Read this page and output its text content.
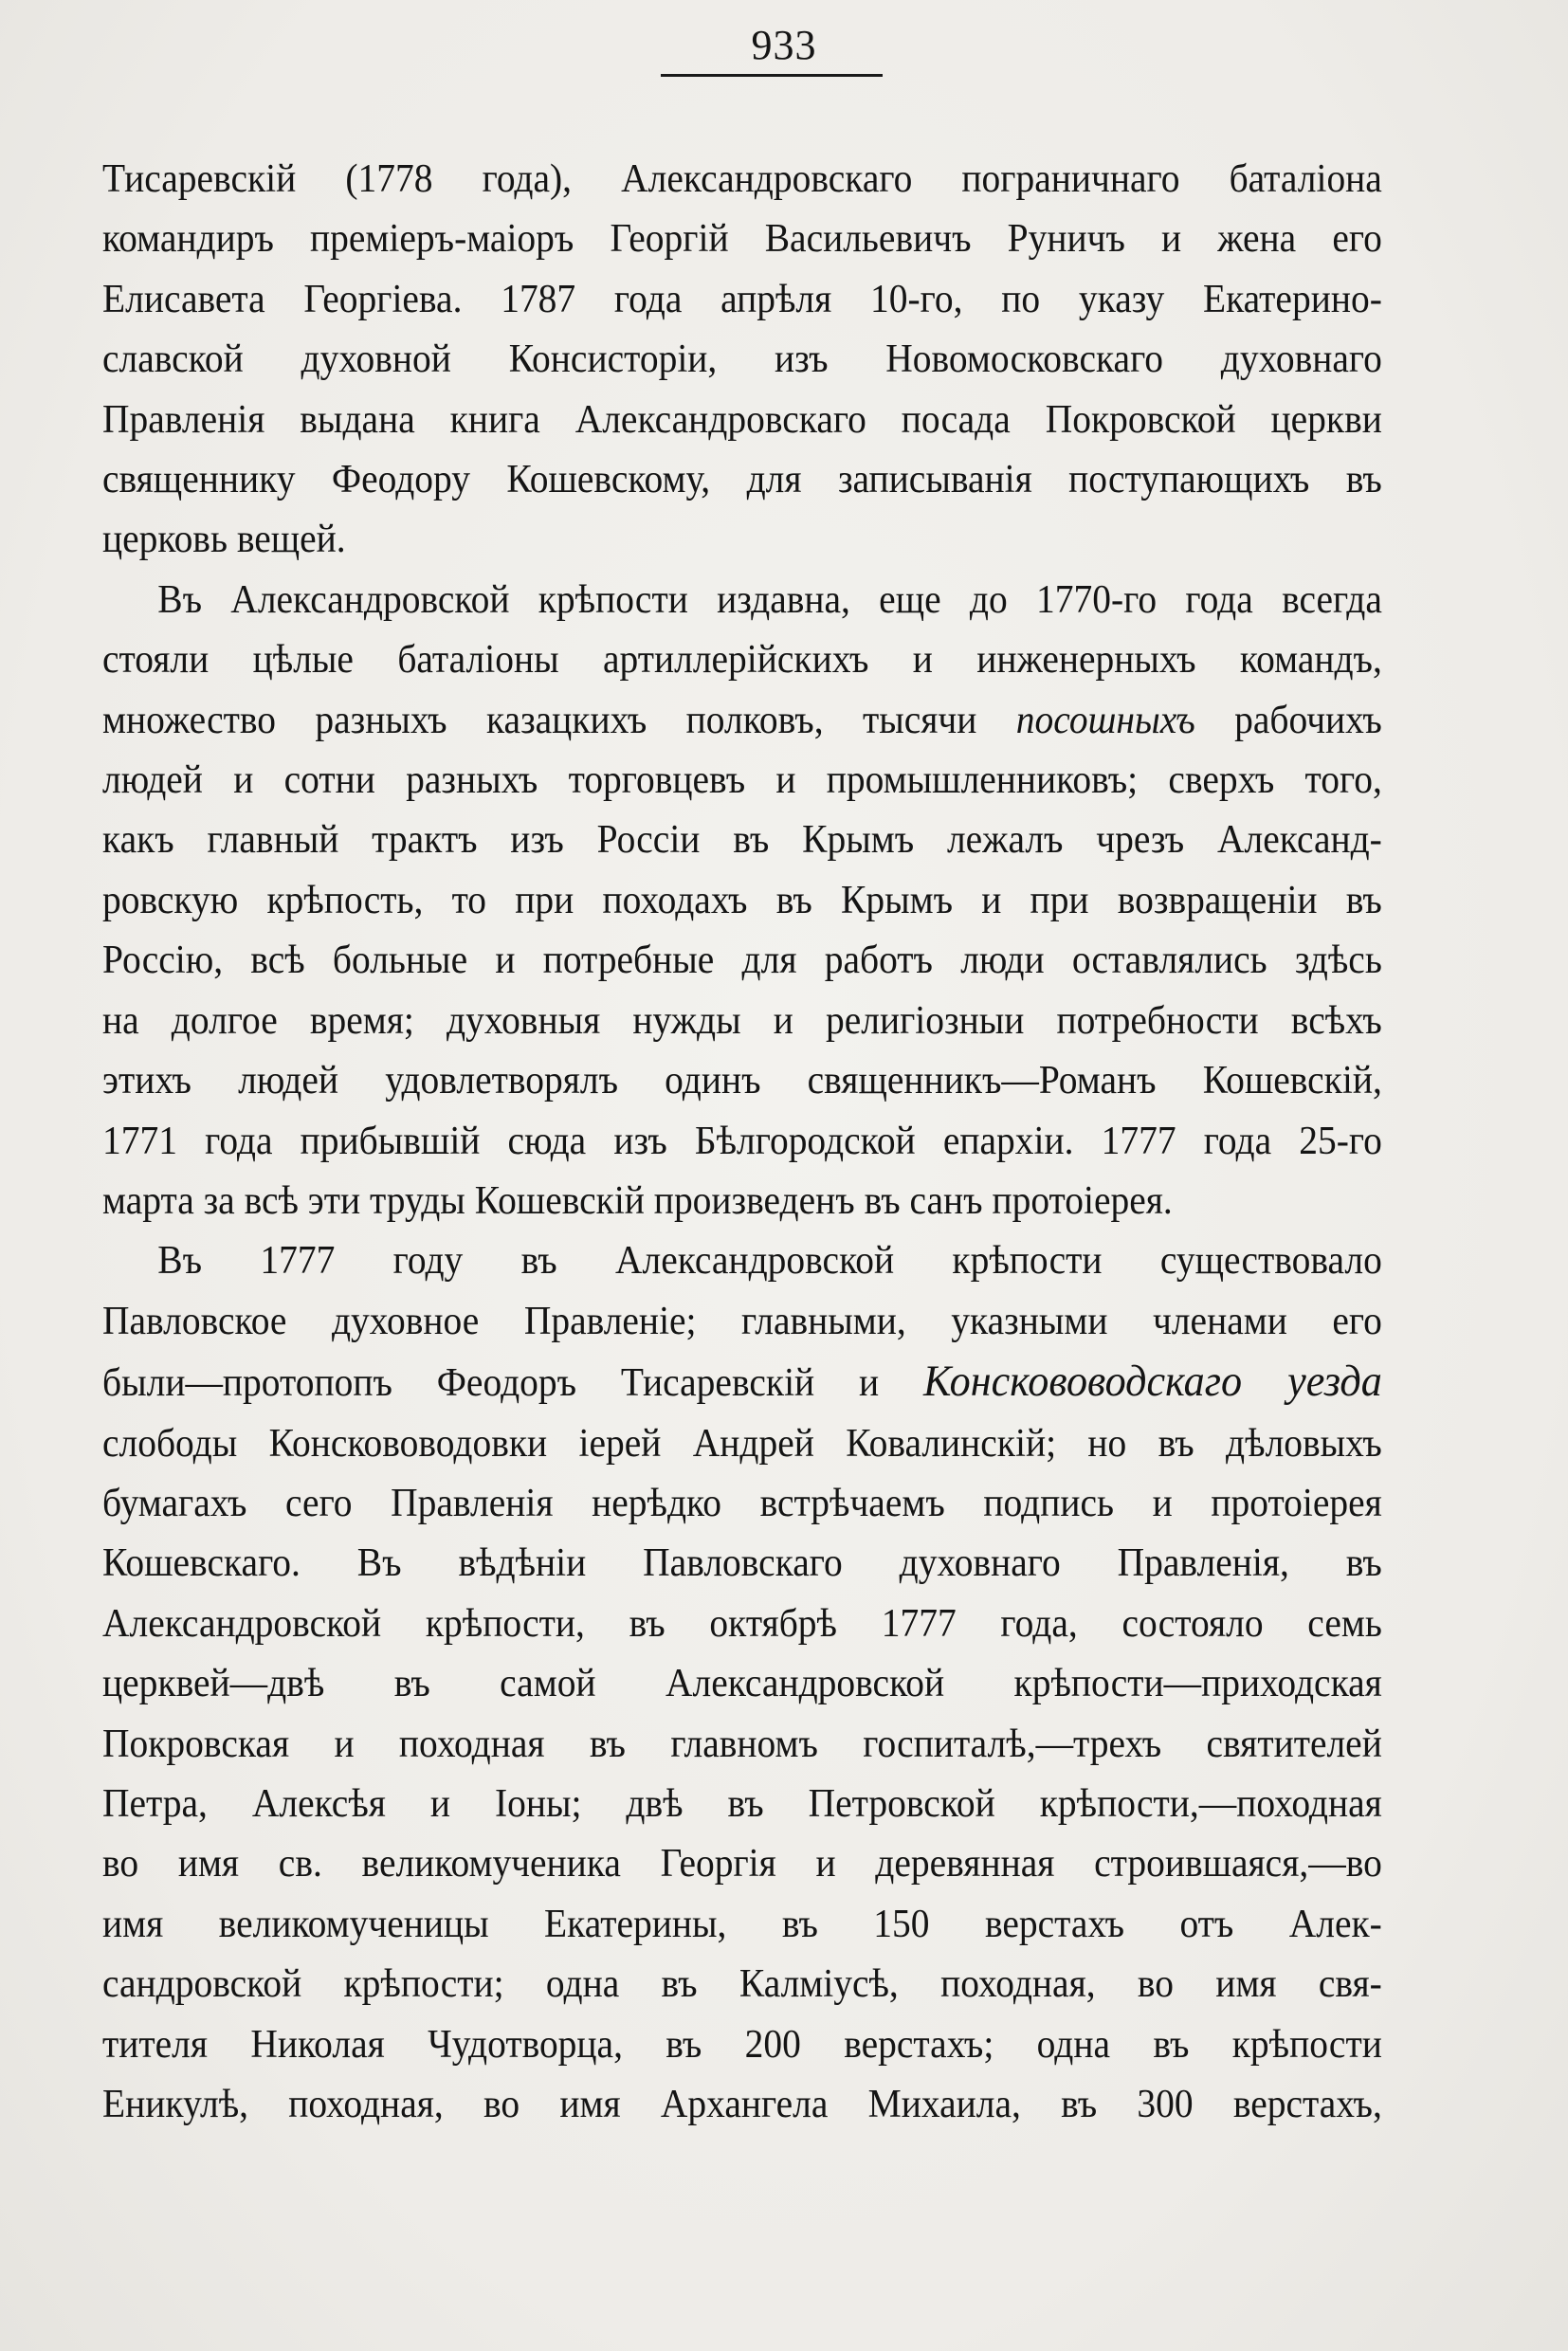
933

Тисаревскій (1778 года), Александровскаго пограничнаго баталіона
командиръ преміеръ-маіоръ Георгій Васильевичъ Руничъ и жена его
Елисавета Георгіева. 1787 года апрѣля 10-го, по указу Екатерино-
славской духовной Консисторіи, изъ Новомосковскаго духовнаго
Правленія выдана книга Александровскаго посада Покровской церкви
священнику Феодору Кошевскому, для записыванія поступающихъ въ
церковь вещей.

Въ Александровской крѣпости издавна, еще до 1770-го года всегда
стояли цѣлые баталіоны артиллерійскихъ и инженерныхъ командъ,
множество разныхъ казацкихъ полковъ, тысячи посошныхъ рабочихъ
людей и сотни разныхъ торговцевъ и промышленниковъ; сверхъ того,
какъ главный трактъ изъ Россіи въ Крымъ лежалъ чрезъ Александ-
ровскую крѣпость, то при походахъ въ Крымъ и при возвращеніи въ
Россію, всѣ больные и потребные для работъ люди оставлялись здѣсь
на долгое время; духовныя нужды и религіозныи потребности всѣхъ
этихъ людей удовлетворялъ одинъ священникъ—Романъ Кошевскій,
1771 года прибывшій сюда изъ Бѣлгородской епархіи. 1777 года 25-го
марта за всѣ эти труды Кошевскій произведенъ въ санъ протоіерея.

Въ 1777 году въ Александровской крѣпости существовало
Павловское духовное Правленіе; главными, указными членами его
были—протопопъ Феодоръ Тисаревскій и Конскововодскаго уезда
слободы Конскововодовки іерей Андрей Ковалинскій; но въ дѣловыхъ
бумагахъ сего Правленія нерѣдко встрѣчаемъ подпись и протоіерея
Кошевскаго. Въ вѣдѣніи Павловскаго духовнаго Правленія, въ
Александровской крѣпости, въ октябрѣ 1777 года, состояло семь
церквей—двѣ въ самой Александровской крѣпости—приходская
Покровская и походная въ главномъ госпиталѣ,—трехъ святителей
Петра, Алексѣя и Іоны; двѣ въ Петровской крѣпости,—походная
во имя св. великомученика Георгія и деревянная строившаяся,—во
имя великомученицы Екатерины, въ 150 верстахъ отъ Алек-
сандровской крѣпости; одна въ Калміусѣ, походная, во имя свя-
тителя Николая Чудотворца, въ 200 верстахъ; одна въ крѣпости
Еникулѣ, походная, во имя Архангела Михаила, въ 300 верстахъ,
